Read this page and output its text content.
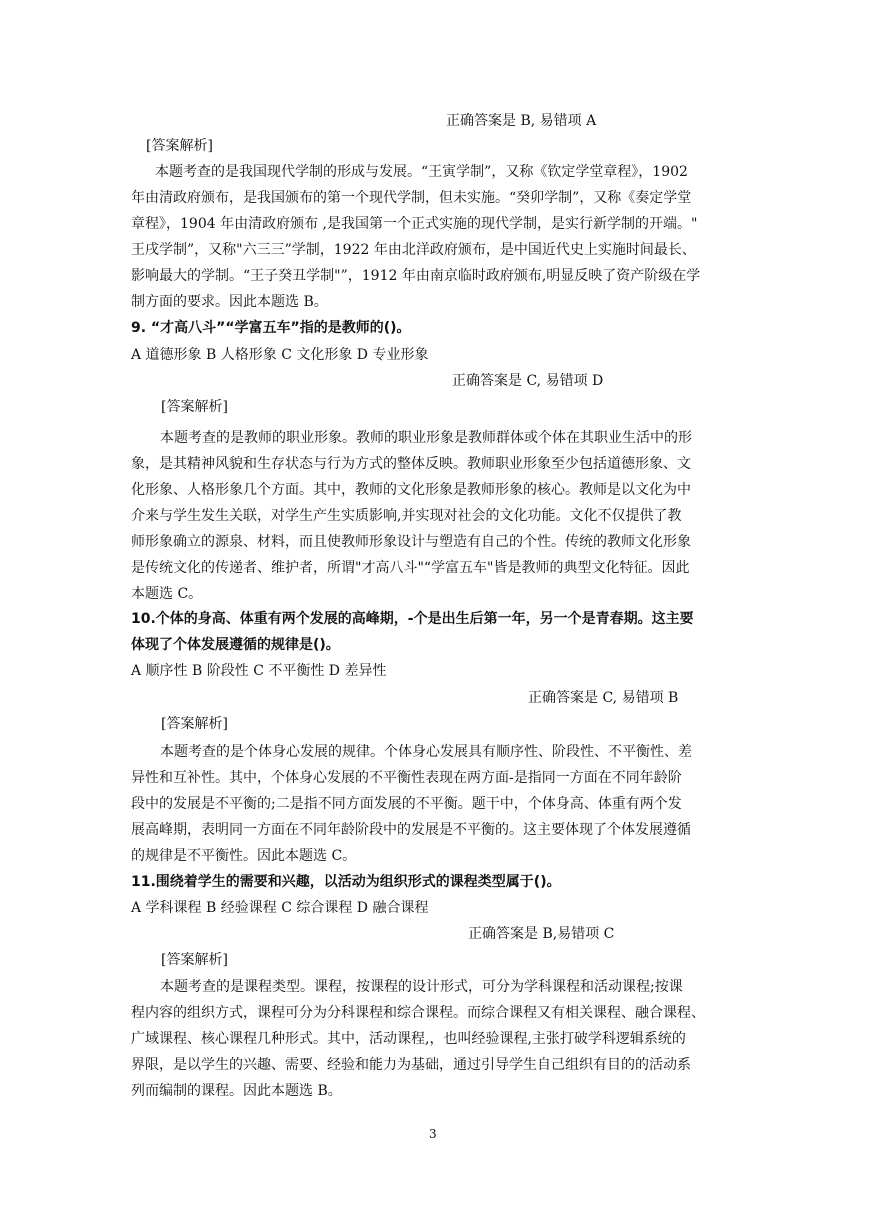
正确答案是 B, 易错项 A
[答案解析]
本题考查的是我国现代学制的形成与发展。“王寅学制”，又称《钦定学堂章程》，1902
年由清政府颁布，是我国颁布的第一个现代学制，但未实施。“癸卯学制”，又称《奏定学堂
章程》，1904 年由清政府颁布 ,是我国第一个正式实施的现代学制，是实行新学制的开端。"
王戌学制”，又称"六三三”学制，1922 年由北洋政府颁布，是中国近代史上实施时间最长、
影响最大的学制。“王子癸丑学制"”，1912 年由南京临时政府颁布,明显反映了资产阶级在学
制方面的要求。因此本题选 B。
9. “才高八斗”“学富五车”指的是教师的()。
A 道德形象 B 人格形象 C 文化形象 D 专业形象
正确答案是 C, 易错项 D
[答案解析]
本题考查的是教师的职业形象。教师的职业形象是教师群体或个体在其职业生活中的形
象，是其精神风貌和生存状态与行为方式的整体反映。教师职业形象至少包括道德形象、文
化形象、人格形象几个方面。其中，教师的文化形象是教师形象的核心。教师是以文化为中
介来与学生发生关联，对学生产生实质影响,并实现对社会的文化功能。文化不仅提供了教
师形象确立的源泉、材料，而且使教师形象设计与塑造有自己的个性。传统的教师文化形象
是传统文化的传递者、维护者，所谓"才高八斗"“学富五车"皆是教师的典型文化特征。因此
本题选 C。
10.个体的身高、体重有两个发展的高峰期，-个是出生后第一年，另一个是青春期。这主要
体现了个体发展遵循的规律是()。
A 顺序性 B 阶段性 C 不平衡性 D 差异性
正确答案是 C, 易错项 B
[答案解析]
本题考查的是个体身心发展的规律。个体身心发展具有顺序性、阶段性、不平衡性、差
异性和互补性。其中，个体身心发展的不平衡性表现在两方面-是指同一方面在不同年龄阶
段中的发展是不平衡的;二是指不同方面发展的不平衡。题干中，个体身高、体重有两个发
展高峰期，表明同一方面在不同年龄阶段中的发展是不平衡的。这主要体现了个体发展遵循
的规律是不平衡性。因此本题选 C。
11.围绕着学生的需要和兴趣，以活动为组织形式的课程类型属于()。
A 学科课程 B 经验课程 C 综合课程 D 融合课程
正确答案是 B,易错项 C
[答案解析]
本题考查的是课程类型。课程，按课程的设计形式，可分为学科课程和活动课程;按课
程内容的组织方式，课程可分为分科课程和综合课程。而综合课程又有相关课程、融合课程、
广域课程、核心课程几种形式。其中，活动课程,，也叫经验课程,主张打破学科逻辑系统的
界限，是以学生的兴趣、需要、经验和能力为基础，通过引导学生自己组织有目的的活动系
列而编制的课程。因此本题选 B。
3
